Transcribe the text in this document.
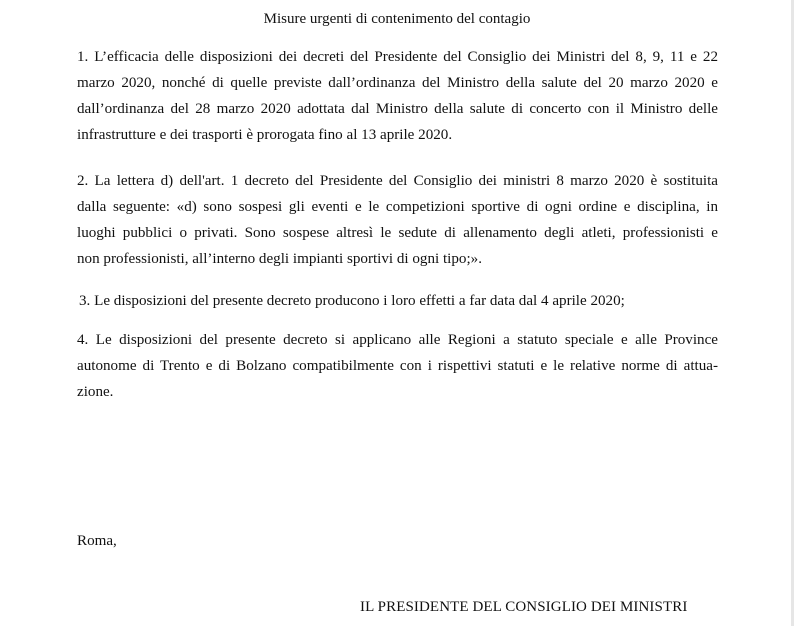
Misure urgenti di contenimento del contagio
1. L’efficacia delle disposizioni dei decreti del Presidente del Consiglio dei Ministri del 8, 9, 11 e 22
marzo 2020, nonché di quelle previste dall’ordinanza del Ministro della salute del 20 marzo 2020 e
dall’ordinanza del 28 marzo 2020 adottata dal Ministro della salute di concerto con il Ministro delle
infrastrutture e dei trasporti è prorogata fino al 13 aprile 2020.
2. La lettera d) dell'art. 1 decreto del Presidente del Consiglio dei ministri 8 marzo 2020 è sostituita
dalla seguente: «d) sono sospesi gli eventi e le competizioni sportive di ogni ordine e disciplina, in
luoghi pubblici o privati. Sono sospese altresì le sedute di allenamento degli atleti, professionisti e
non professionisti, all’interno degli impianti sportivi di ogni tipo;».
3. Le disposizioni del presente decreto producono i loro effetti a far data dal 4 aprile 2020;
4. Le disposizioni del presente decreto si applicano alle Regioni a statuto speciale e alle Province
autonome di Trento e di Bolzano compatibilmente con i rispettivi statuti e le relative norme di attua-
zione.
Roma,
IL PRESIDENTE DEL CONSIGLIO DEI MINISTRI
